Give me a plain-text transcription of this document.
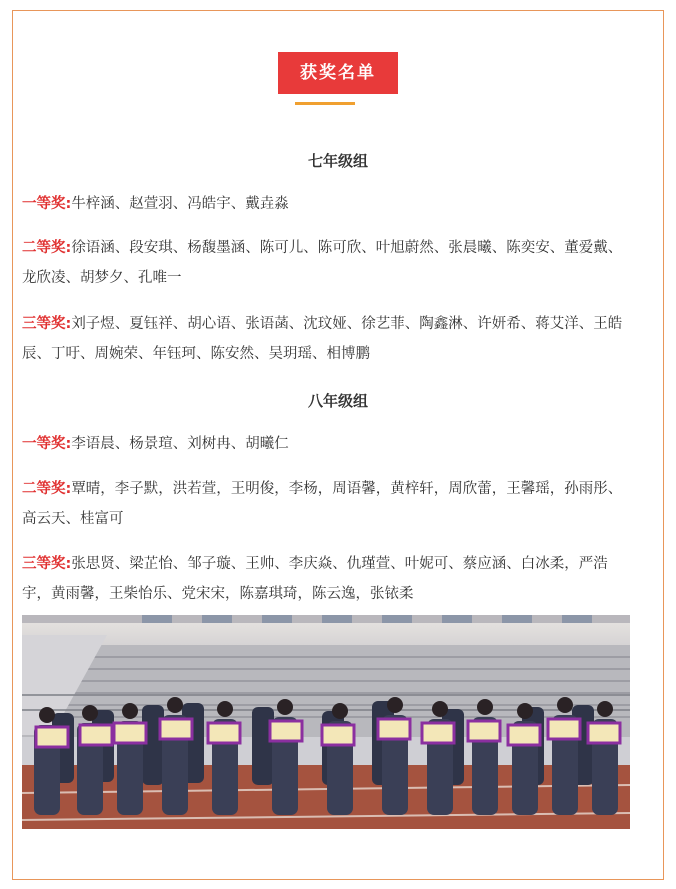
获奖名单
七年级组
一等奖:牛梓涵、赵萱羽、冯皓宇、戴垚淼
二等奖:徐语涵、段安琪、杨馥墨涵、陈可儿、陈可欣、叶旭蔚然、张晨曦、陈奕安、董爱戴、龙欣凌、胡梦夕、孔唯一
三等奖:刘子煜、夏钰祥、胡心语、张语菡、沈玟娅、徐艺菲、陶鑫淋、许妍希、蒋艾洋、王皓辰、丁吁、周婉荣、年钰珂、陈安然、吴玥瑶、相博鹏
八年级组
一等奖:李语晨、杨景瑄、刘树冉、胡曦仁
二等奖:覃晴，李子默，洪若萱，王明俊，李杨，周语馨，黄梓轩，周欣蕾，王馨瑶，孙雨彤、高云天、桂富可
三等奖:张思贤、梁芷怡、邹子璇、王帅、李庆焱、仇瑾萱、叶妮可、蔡应涵、白冰柔，严浩宇，黄雨馨，王柴怡乐、党宋宋，陈嘉琪琦，陈云逸，张铱柔
